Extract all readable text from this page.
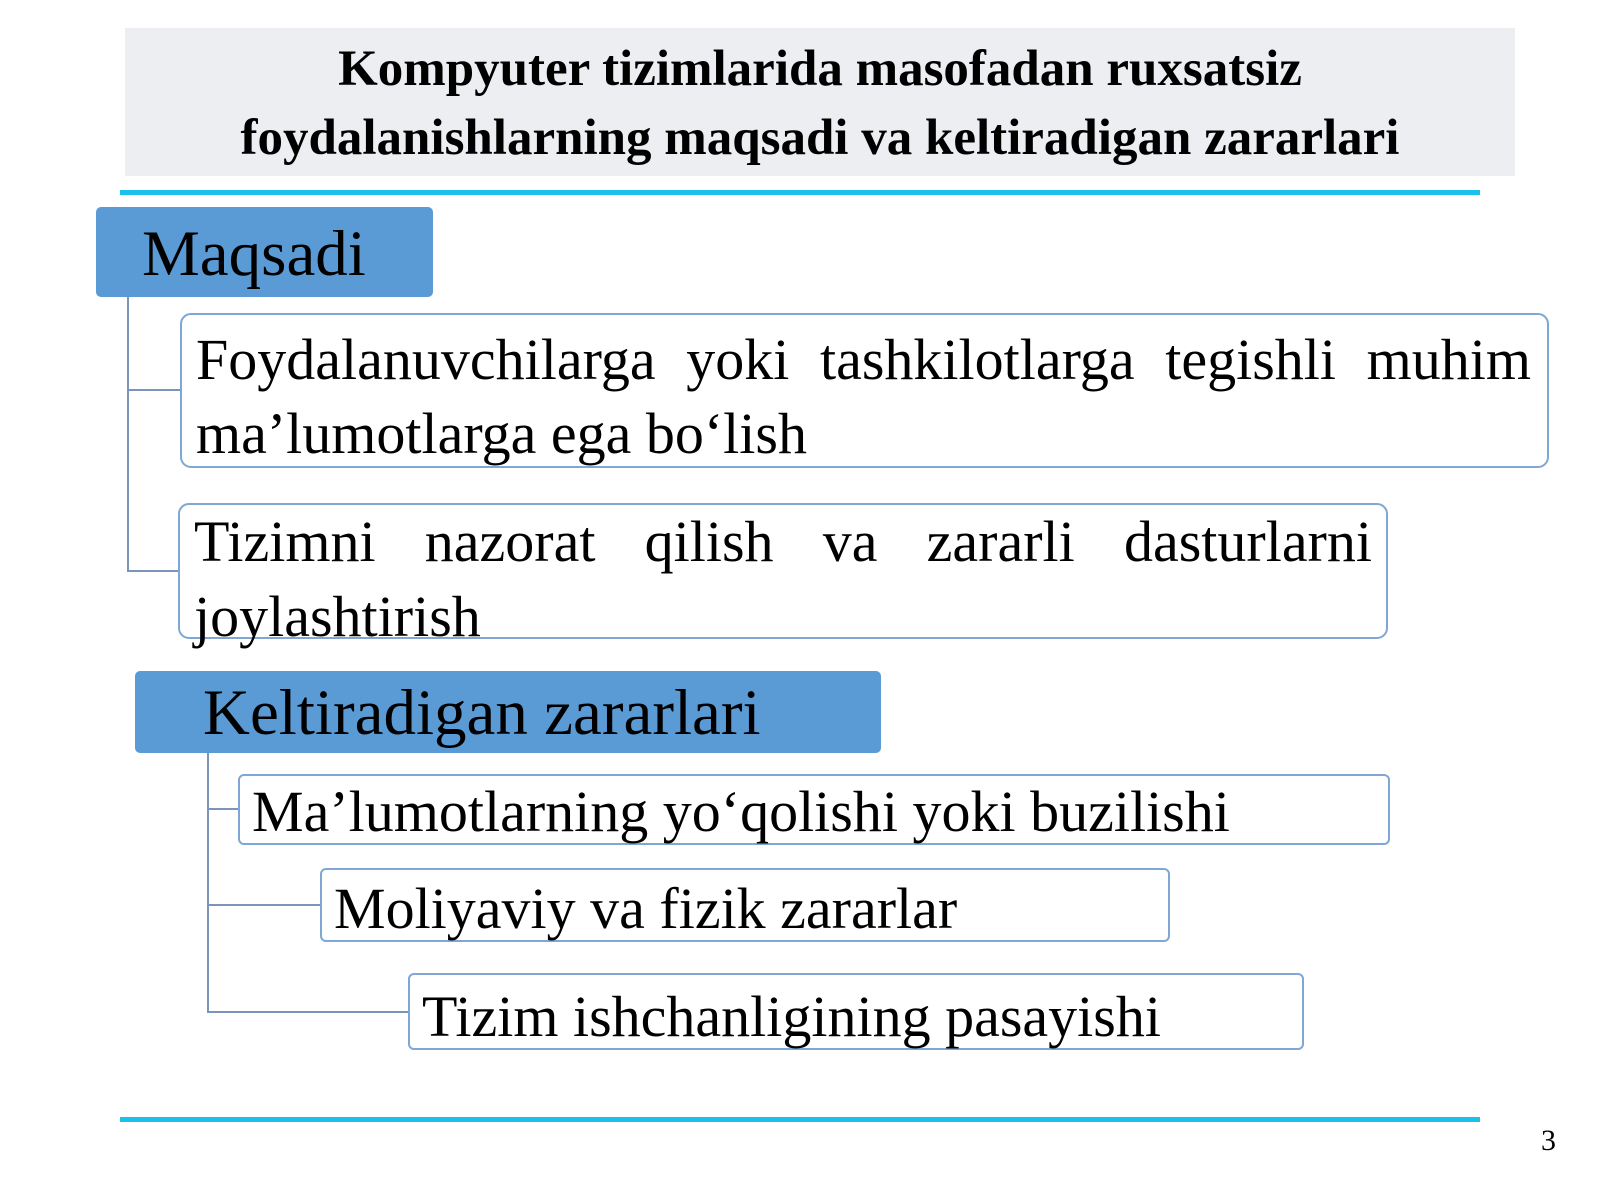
Kompyuter tizimlarida masofadan ruxsatsiz
foydalanishlarning maqsadi va keltiradigan zararlari
Maqsadi
Foydalanuvchilarga yoki tashkilotlarga tegishli muhim ma’lumotlarga ega bo‘lish
Tizimni nazorat qilish va zararli dasturlarni joylashtirish
Keltiradigan zararlari
Ma’lumotlarning yo‘qolishi yoki buzilishi
Moliyaviy va fizik zararlar
Tizim ishchanligining pasayishi
3
